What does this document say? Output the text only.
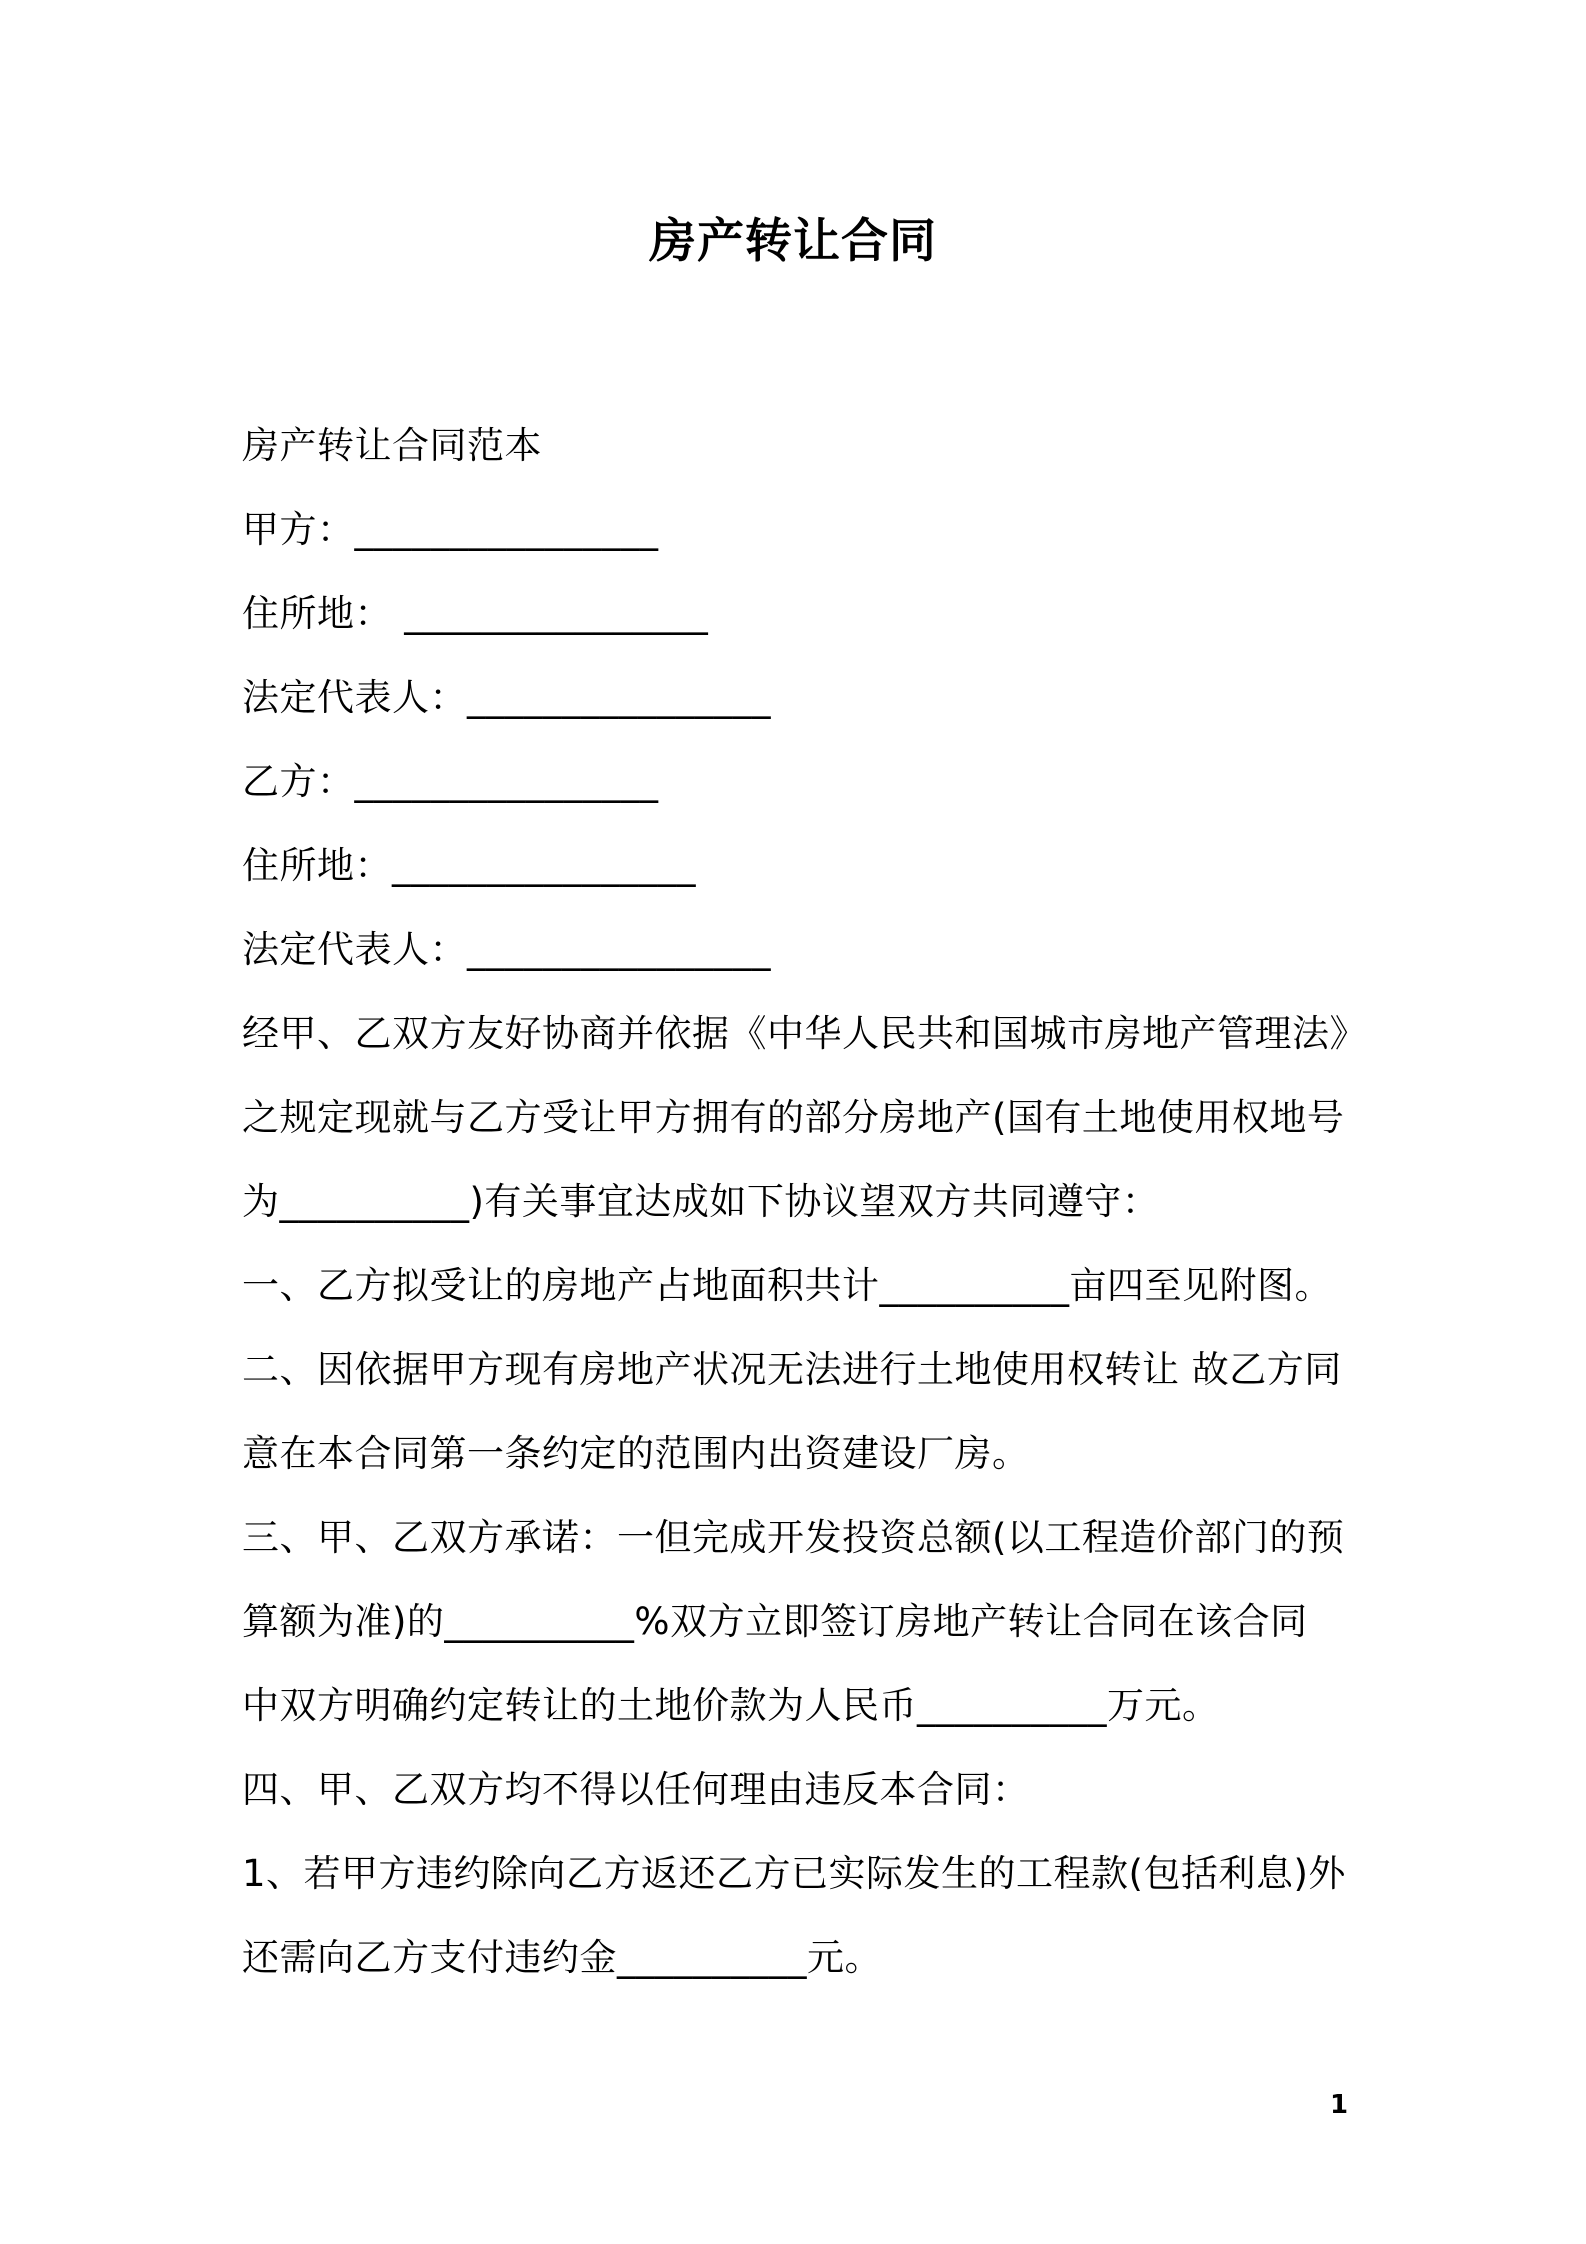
房产转让合同
房产转让合同范本
甲方：________________
住所地： ________________
法定代表人：________________
乙方：________________
住所地：________________
法定代表人：________________
经甲、乙双方友好协商并依据《中华人民共和国城市房地产管理法》
之规定现就与乙方受让甲方拥有的部分房地产(国有土地使用权地号
为__________)有关事宜达成如下协议望双方共同遵守：
一、乙方拟受让的房地产占地面积共计__________亩四至见附图。
二、因依据甲方现有房地产状况无法进行土地使用权转让 故乙方同
意在本合同第一条约定的范围内出资建设厂房。
三、甲、乙双方承诺：一但完成开发投资总额(以工程造价部门的预
算额为准)的__________%双方立即签订房地产转让合同在该合同
中双方明确约定转让的土地价款为人民币__________万元。
四、甲、乙双方均不得以任何理由违反本合同：
1、若甲方违约除向乙方返还乙方已实际发生的工程款(包括利息)外
还需向乙方支付违约金__________元。
1
